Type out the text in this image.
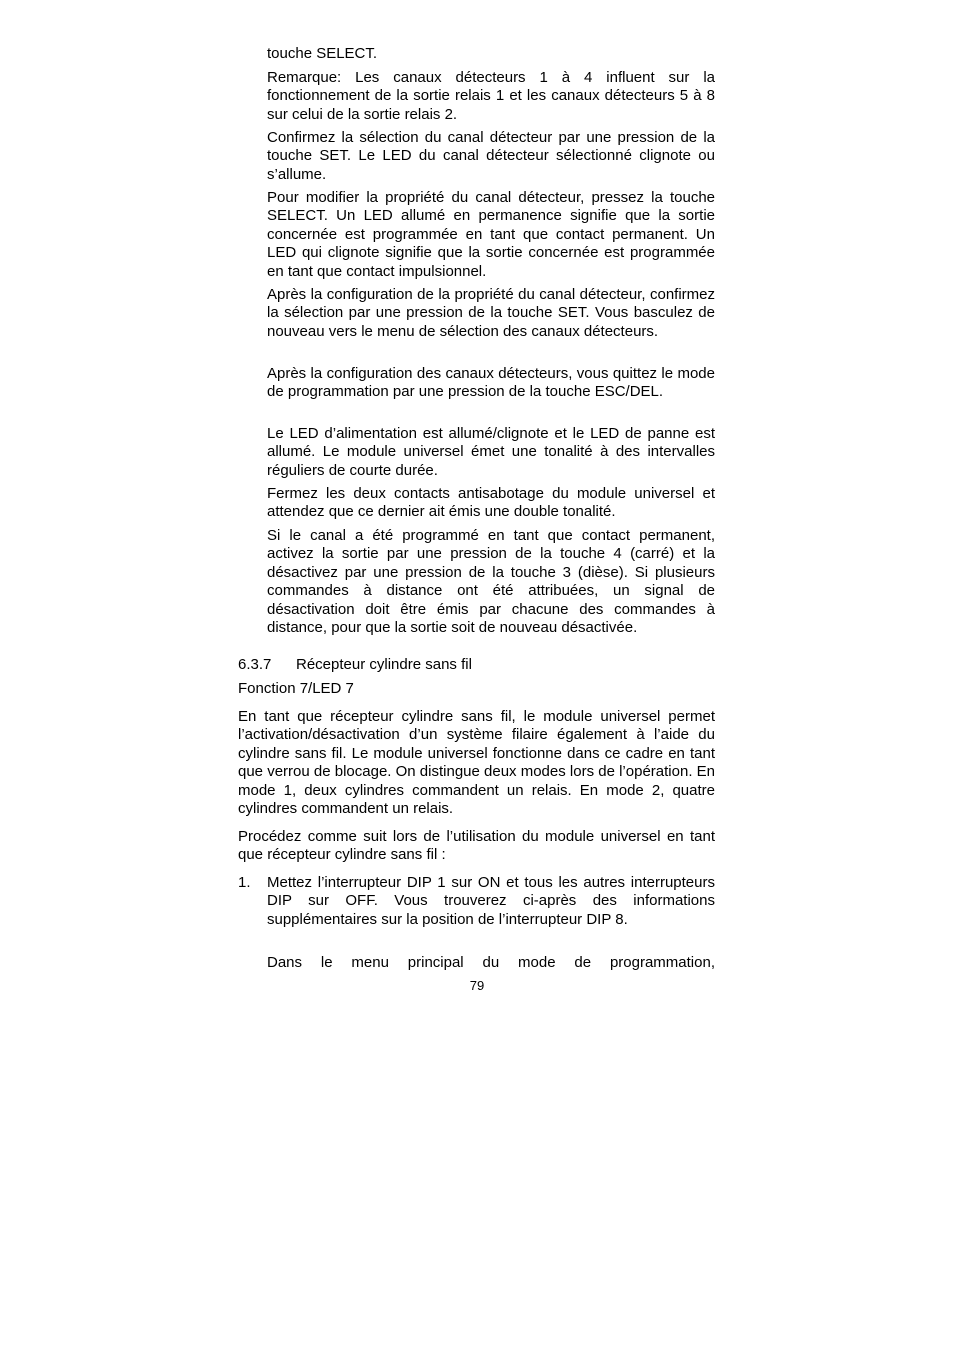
touche SELECT.

Remarque: Les canaux détecteurs 1 à 4 influent sur la fonctionnement de la sortie relais 1 et les canaux détecteurs 5 à 8 sur celui de la sortie relais 2.

Confirmez la sélection du canal détecteur par une pression de la touche SET. Le LED du canal détecteur sélectionné clignote ou s’allume.

Pour modifier la propriété du canal détecteur, pressez la touche SELECT. Un LED allumé en permanence signifie que la sortie concernée est programmée en tant que contact permanent. Un LED qui clignote signifie que la sortie concernée est programmée en tant que contact impulsionnel.

Après la configuration de la propriété du canal détecteur, confirmez la sélection par une pression de la touche SET. Vous basculez de nouveau vers le menu de sélection des canaux détecteurs.

Après la configuration des canaux détecteurs, vous quittez le mode de programmation par une pression de la touche ESC/DEL.

Le LED d’alimentation est allumé/clignote et le LED de panne est allumé. Le module universel émet une tonalité à des intervalles réguliers de courte durée.

Fermez les deux contacts antisabotage du module universel et attendez que ce dernier ait émis une double tonalité.

Si le canal a été programmé en tant que contact permanent, activez la sortie par une pression de la touche 4 (carré) et la désactivez par une pression de la touche 3 (dièse). Si plusieurs commandes à distance ont été attribuées, un signal de désactivation doit être émis par chacune des commandes à distance, pour que la sortie soit de nouveau désactivée.

6.3.7 Récepteur cylindre sans fil

Fonction 7/LED 7

En tant que récepteur cylindre sans fil, le module universel permet l’activation/désactivation d’un système filaire également à l’aide du cylindre sans fil. Le module universel fonctionne dans ce cadre en tant que verrou de blocage. On distingue deux modes lors de l’opération. En mode 1, deux cylindres commandent un relais. En mode 2, quatre cylindres commandent un relais.

Procédez comme suit lors de l’utilisation du module universel en tant que récepteur cylindre sans fil :

1. Mettez l’interrupteur DIP 1 sur ON et tous les autres interrupteurs DIP sur OFF. Vous trouverez ci-après des informations supplémentaires sur la position de l’interrupteur DIP 8.

Dans le menu principal du mode de programmation,

79
